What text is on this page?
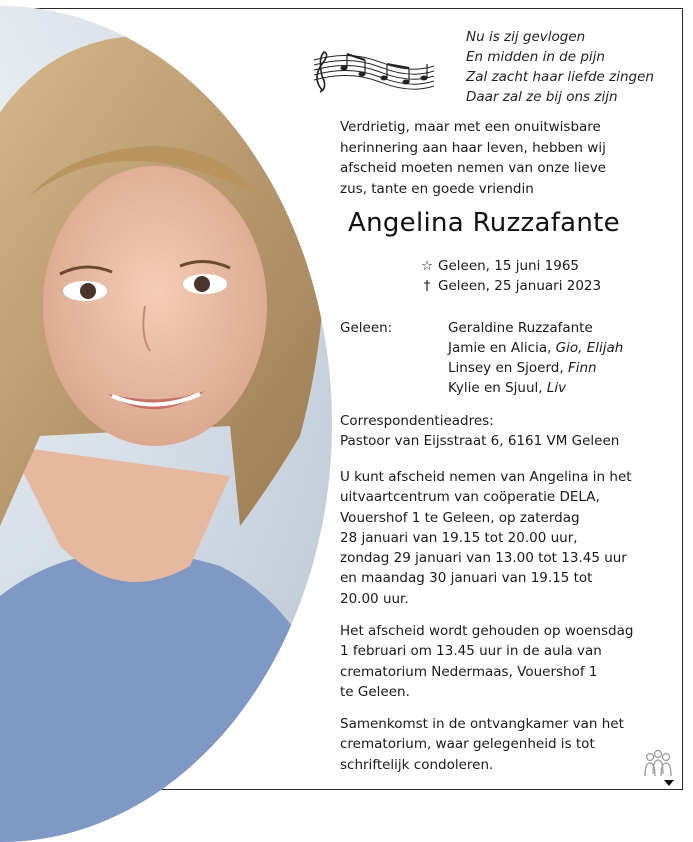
Nu is zij gevlogen
En midden in de pijn
Zal zacht haar liefde zingen
Daar zal ze bij ons zijn
Verdrietig, maar met een onuitwisbare
herinnering aan haar leven, hebben wij
afscheid moeten nemen van onze lieve
zus, tante en goede vriendin
Angelina Ruzzafante
☆ Geleen, 15 juni 1965
† Geleen, 25 januari 2023
Geleen:	Geraldine Ruzzafante
Jamie en Alicia, Gio, Elijah
Linsey en Sjoerd, Finn
Kylie en Sjuul, Liv
Correspondentieadres:
Pastoor van Eijsstraat 6, 6161 VM Geleen
U kunt afscheid nemen van Angelina in het
uitvaartcentrum van coöperatie DELA,
Vouershof 1 te Geleen, op zaterdag
28 januari van 19.15 tot 20.00 uur,
zondag 29 januari van 13.00 tot 13.45 uur
en maandag 30 januari van 19.15 tot
20.00 uur.
Het afscheid wordt gehouden op woensdag
1 februari om 13.45 uur in de aula van
crematorium Nedermaas, Vouershof 1
te Geleen.
Samenkomst in de ontvangkamer van het
crematorium, waar gelegenheid is tot
schriftelijk condoleren.
